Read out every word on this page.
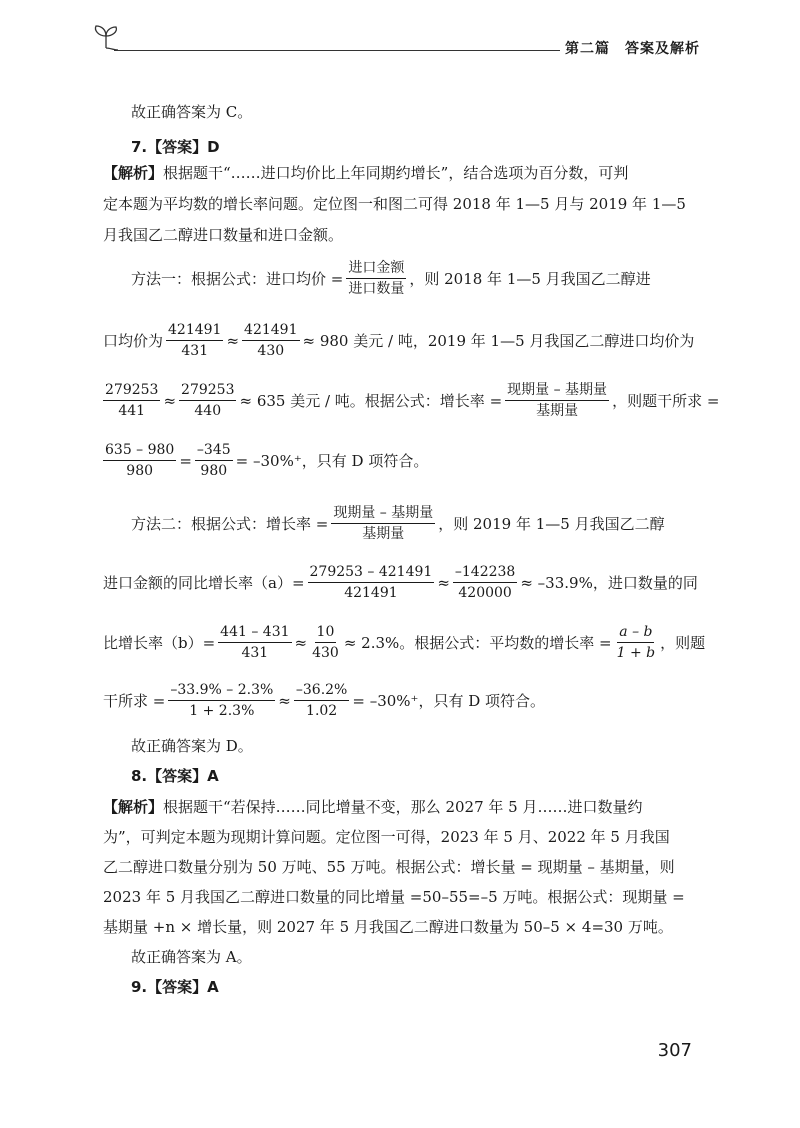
第二篇　答案及解析
故正确答案为 C。
7.【答案】D
【解析】根据题干“……进口均价比上年同期约增长”，结合选项为百分数，可判
定本题为平均数的增长率问题。定位图一和图二可得 2018 年 1—5 月与 2019 年 1—5
月我国乙二醇进口数量和进口金额。
方法一：根据公式：进口均价 = $\frac{\text{进口金额}}{\text{进口数量}}$ ，则 2018 年 1—5 月我国乙二醇进
口均价为 $\frac{421491}{431} \approx \frac{421491}{430} \approx 980$ 美元 / 吨，2019 年 1—5 月我国乙二醇进口均价为
$\frac{279253}{441} \approx \frac{279253}{440} \approx 635$ 美元 / 吨。根据公式：增长率 = $\frac{\text{现期量 – 基期量}}{\text{基期量}}$ ，则题干所求 =
$\frac{635 - 980}{980} = \frac{-345}{980} = -30\%^+$，只有 D 项符合。
方法二：根据公式：增长率 = $\frac{\text{现期量 – 基期量}}{\text{基期量}}$ ，则 2019 年 1—5 月我国乙二醇
进口金额的同比增长率$(a)= \frac{279253 - 421491}{421491} \approx \frac{-142238}{420000} \approx -33.9\%$，进口数量的同
比增长率$(b)= \frac{441 - 431}{431} \approx \frac{10}{430} \approx 2.3\%$。根据公式：平均数的增长率 = $\frac{a - b}{1 + b}$ ，则题
干所求 = $\frac{-33.9\% - 2.3\%}{1 + 2.3\%} \approx \frac{-36.2\%}{1.02} = -30\%^+$，只有 D 项符合。
故正确答案为 D。
8.【答案】A
【解析】根据题干“若保持……同比增量不变，那么 2027 年 5 月……进口数量约
为”，可判定本题为现期计算问题。定位图一可得，2023 年 5 月、2022 年 5 月我国
乙二醇进口数量分别为 50 万吨、55 万吨。根据公式：增长量 = 现期量 – 基期量，则
2023 年 5 月我国乙二醇进口数量的同比增量 =50–55=–5 万吨。根据公式：现期量 =
基期量 +n × 增长量，则 2027 年 5 月我国乙二醇进口数量为 50–5 × 4=30 万吨。
故正确答案为 A。
9.【答案】A
307
